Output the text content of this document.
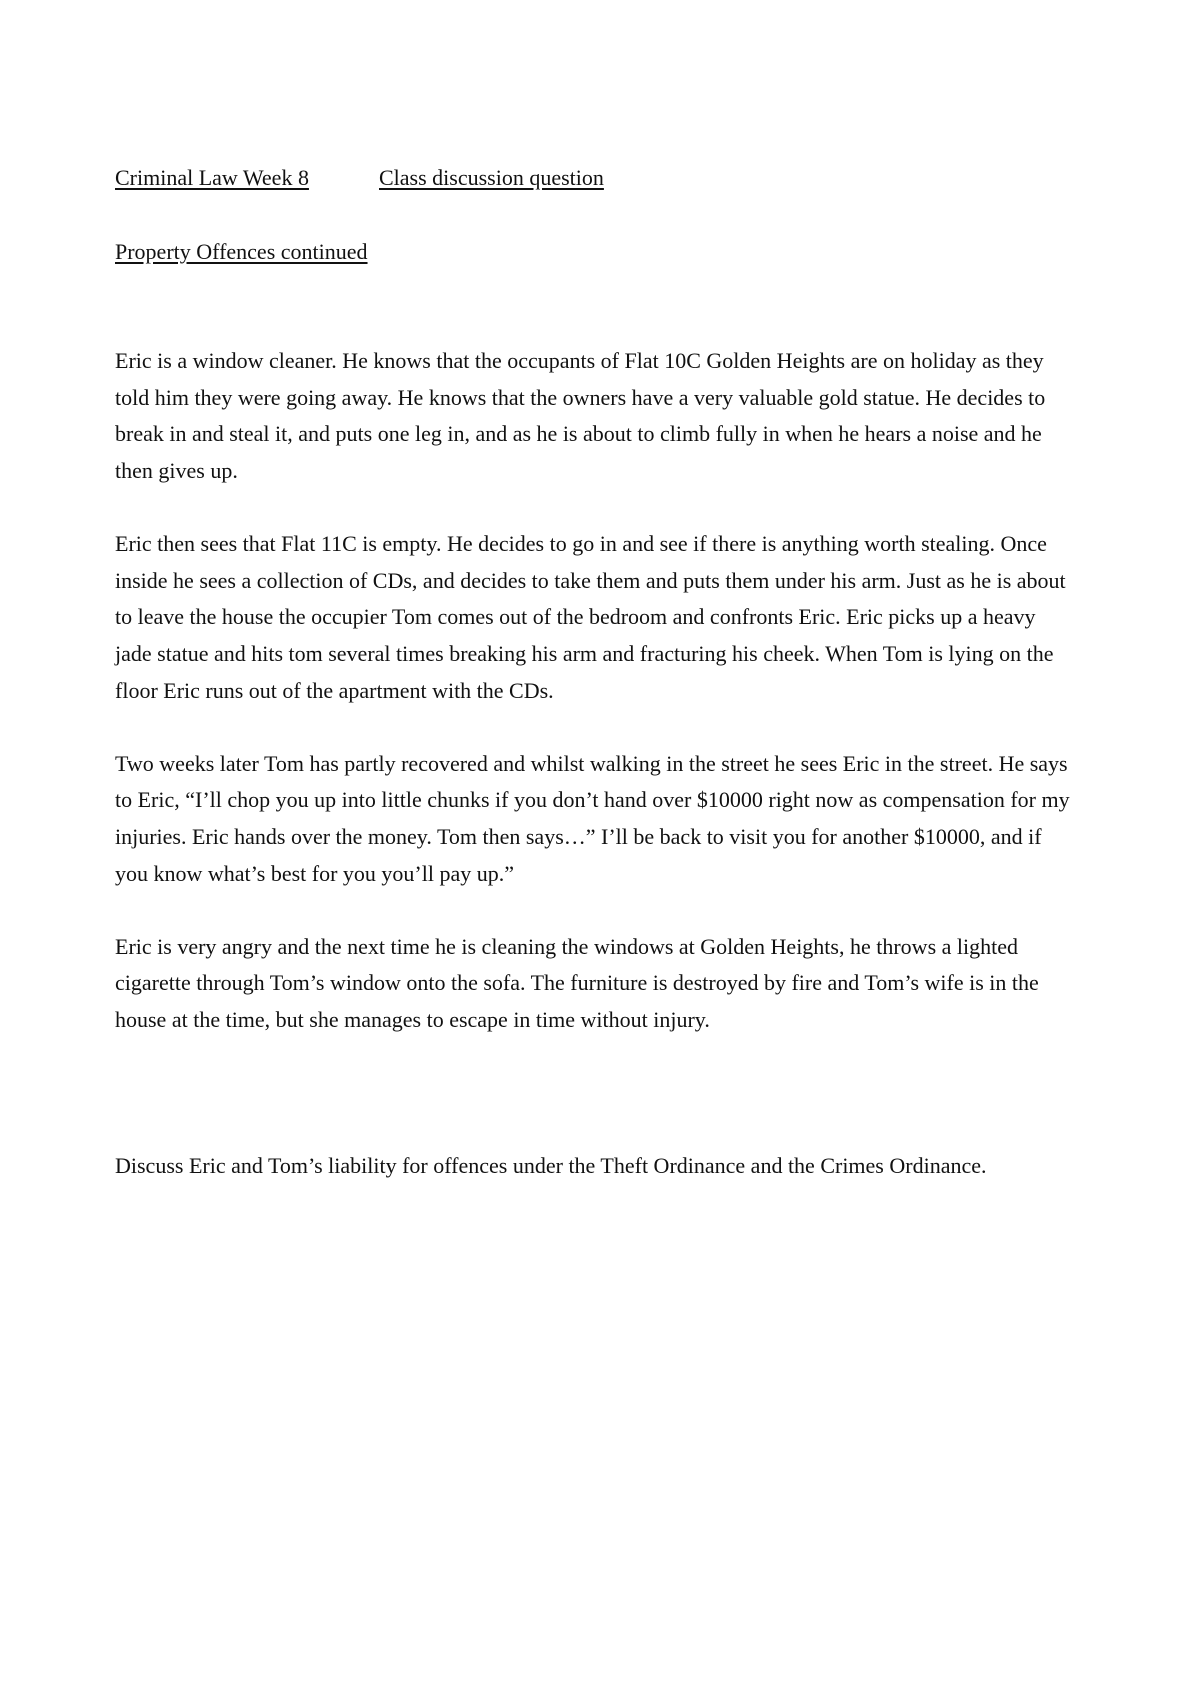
Criminal Law Week 8	Class discussion question

Property Offences continued

Eric is a window cleaner. He knows that the occupants of Flat 10C Golden Heights are on holiday as they told him they were going away. He knows that the owners have a very valuable gold statue. He decides to break in and steal it, and puts one leg in, and as he is about to climb fully in when he hears a noise and he then gives up.

Eric then sees that Flat 11C is empty. He decides to go in and see if there is anything worth stealing. Once inside he sees a collection of CDs, and decides to take them and puts them under his arm. Just as he is about to leave the house the occupier Tom comes out of the bedroom and confronts Eric. Eric picks up a heavy jade statue and hits tom several times breaking his arm and fracturing his cheek. When Tom is lying on the floor Eric runs out of the apartment with the CDs.

Two weeks later Tom has partly recovered and whilst walking in the street he sees Eric in the street. He says to Eric, “I’ll chop you up into little chunks if you don’t hand over $10000 right now as compensation for my injuries. Eric hands over the money. Tom then says…” I’ll be back to visit you for another $10000, and if you know what’s best for you you’ll pay up.”

Eric is very angry and the next time he is cleaning the windows at Golden Heights, he throws a lighted cigarette through Tom’s window onto the sofa. The furniture is destroyed by fire and Tom’s wife is in the house at the time, but she manages to escape in time without injury.

Discuss Eric and Tom’s liability for offences under the Theft Ordinance and the Crimes Ordinance.
